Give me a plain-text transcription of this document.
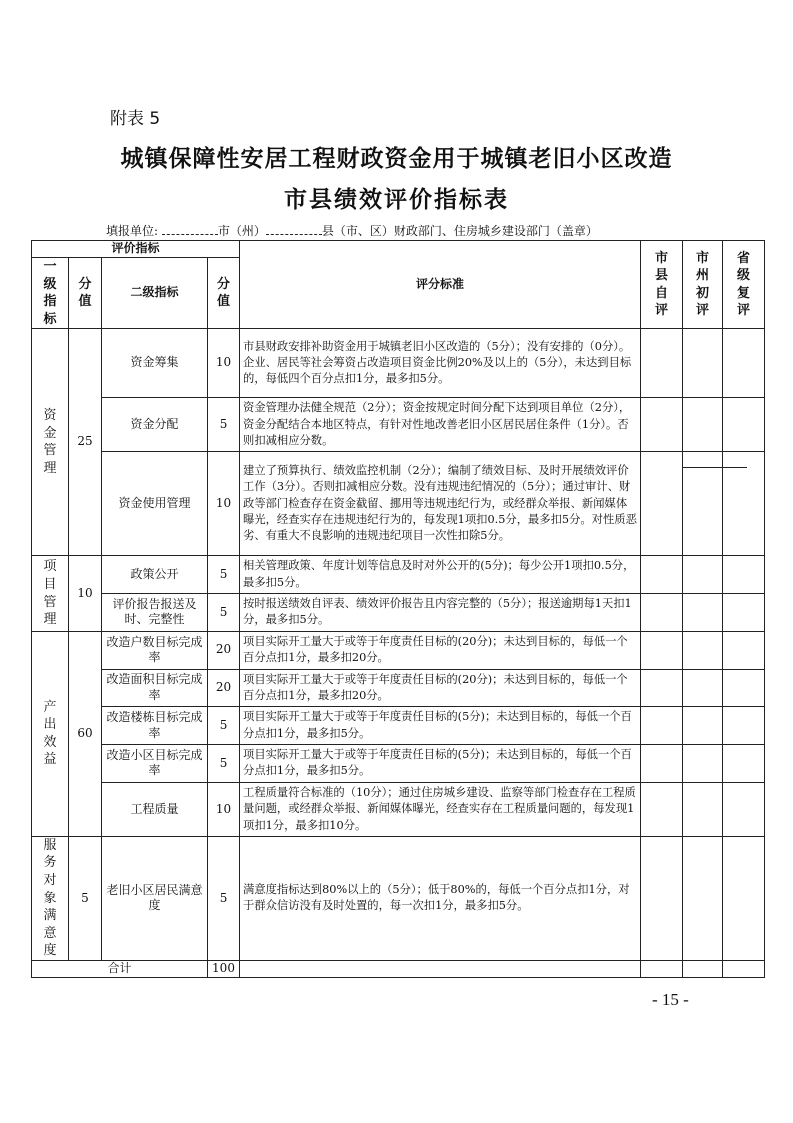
附表 5
城镇保障性安居工程财政资金用于城镇老旧小区改造
市县绩效评价指标表
填报单位:	市（州）	县（市、区）财政部门、住房城乡建设部门（盖章）
评价指标				评分标准	市县自评	市州初评	省级复评
一级指标	分值	二级指标	分值				
资金管理	25	资金筹集	10	市县财政安排补助资金用于城镇老旧小区改造的（5分）；没有安排的（0分）。企业、居民等社会筹资占改造项目资金比例20%及以上的（5分），未达到目标的，每低四个百分点扣1分，最多扣5分。			
		资金分配	5	资金管理办法健全规范（2分）；资金按规定时间分配下达到项目单位（2分），资金分配结合本地区特点，有针对性地改善老旧小区居民居住条件（1分）。否则扣减相应分数。			
		资金使用管理	10	建立了预算执行、绩效监控机制（2分）；编制了绩效目标、及时开展绩效评价工作（3分）。否则扣减相应分数。没有违规违纪情况的（5分）；通过审计、财政等部门检查存在资金截留、挪用等违规违纪行为，或经群众举报、新闻媒体曝光，经查实存在违规违纪行为的，每发现1项扣0.5分，最多扣5分。对性质恶劣、有重大不良影响的违规违纪项目一次性扣除5分。			
项目管理	10	政策公开	5	相关管理政策、年度计划等信息及时对外公开的(5分)；每少公开1项扣0.5分，最多扣5分。			
		评价报告报送及时、完整性	5	按时报送绩效自评表、绩效评价报告且内容完整的（5分）；报送逾期每1天扣1分，最多扣5分。			
产出效益	60	改造户数目标完成率	20	项目实际开工量大于或等于年度责任目标的(20分)；未达到目标的，每低一个百分点扣1分，最多扣20分。			
		改造面积目标完成率	20	项目实际开工量大于或等于年度责任目标的(20分)；未达到目标的，每低一个百分点扣1分，最多扣20分。			
		改造楼栋目标完成率	5	项目实际开工量大于或等于年度责任目标的(5分)；未达到目标的，每低一个百分点扣1分，最多扣5分。			
		改造小区目标完成率	5	项目实际开工量大于或等于年度责任目标的(5分)；未达到目标的，每低一个百分点扣1分，最多扣5分。			
		工程质量	10	工程质量符合标准的（10分）；通过住房城乡建设、监察等部门检查存在工程质量问题，或经群众举报、新闻媒体曝光，经查实存在工程质量问题的，每发现1项扣1分，最多扣10分。			
服务对象满意度	5	老旧小区居民满意度	5	满意度指标达到80%以上的（5分）；低于80%的，每低一个百分点扣1分，对于群众信访没有及时处置的，每一次扣1分，最多扣5分。			
合计			100				
- 15 -
